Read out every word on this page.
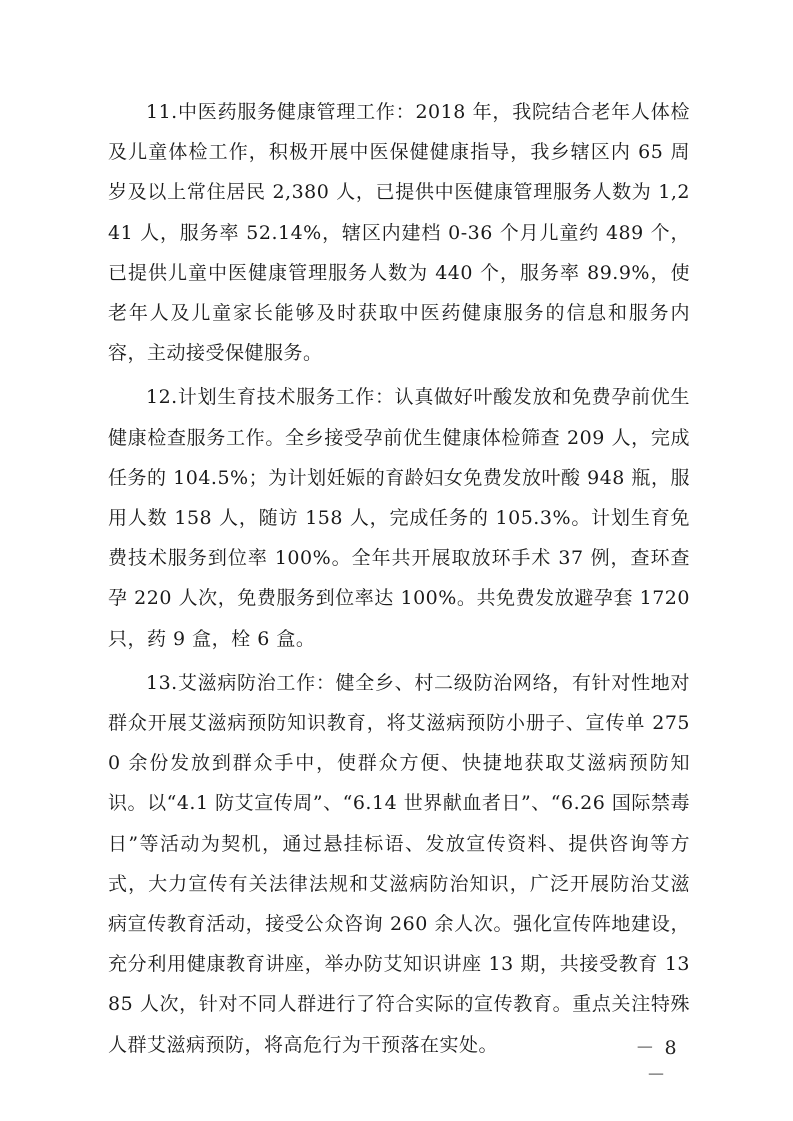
11.中医药服务健康管理工作：2018 年，我院结合老年人体检及儿童体检工作，积极开展中医保健健康指导，我乡辖区内 65 周岁及以上常住居民 2,380 人，已提供中医健康管理服务人数为 1,241 人，服务率 52.14%，辖区内建档 0-36 个月儿童约 489 个，已提供儿童中医健康管理服务人数为 440 个，服务率 89.9%，使老年人及儿童家长能够及时获取中医药健康服务的信息和服务内容，主动接受保健服务。

12.计划生育技术服务工作：认真做好叶酸发放和免费孕前优生健康检查服务工作。全乡接受孕前优生健康体检筛查 209 人，完成任务的 104.5%；为计划妊娠的育龄妇女免费发放叶酸 948 瓶，服用人数 158 人，随访 158 人，完成任务的 105.3%。计划生育免费技术服务到位率 100%。全年共开展取放环手术 37 例，查环查孕 220 人次，免费服务到位率达 100%。共免费发放避孕套 1720 只，药 9 盒，栓 6 盒。

13.艾滋病防治工作：健全乡、村二级防治网络，有针对性地对群众开展艾滋病预防知识教育，将艾滋病预防小册子、宣传单 2750 余份发放到群众手中，使群众方便、快捷地获取艾滋病预防知识。以“4.1 防艾宣传周”、“6.14 世界献血者日”、“6.26 国际禁毒日”等活动为契机，通过悬挂标语、发放宣传资料、提供咨询等方式，大力宣传有关法律法规和艾滋病防治知识，广泛开展防治艾滋病宣传教育活动，接受公众咨询 260 余人次。强化宣传阵地建设，充分利用健康教育讲座，举办防艾知识讲座 13 期，共接受教育 1385 人次，针对不同人群进行了符合实际的宣传教育。重点关注特殊人群艾滋病预防，将高危行为干预落在实处。	－ 8 －
